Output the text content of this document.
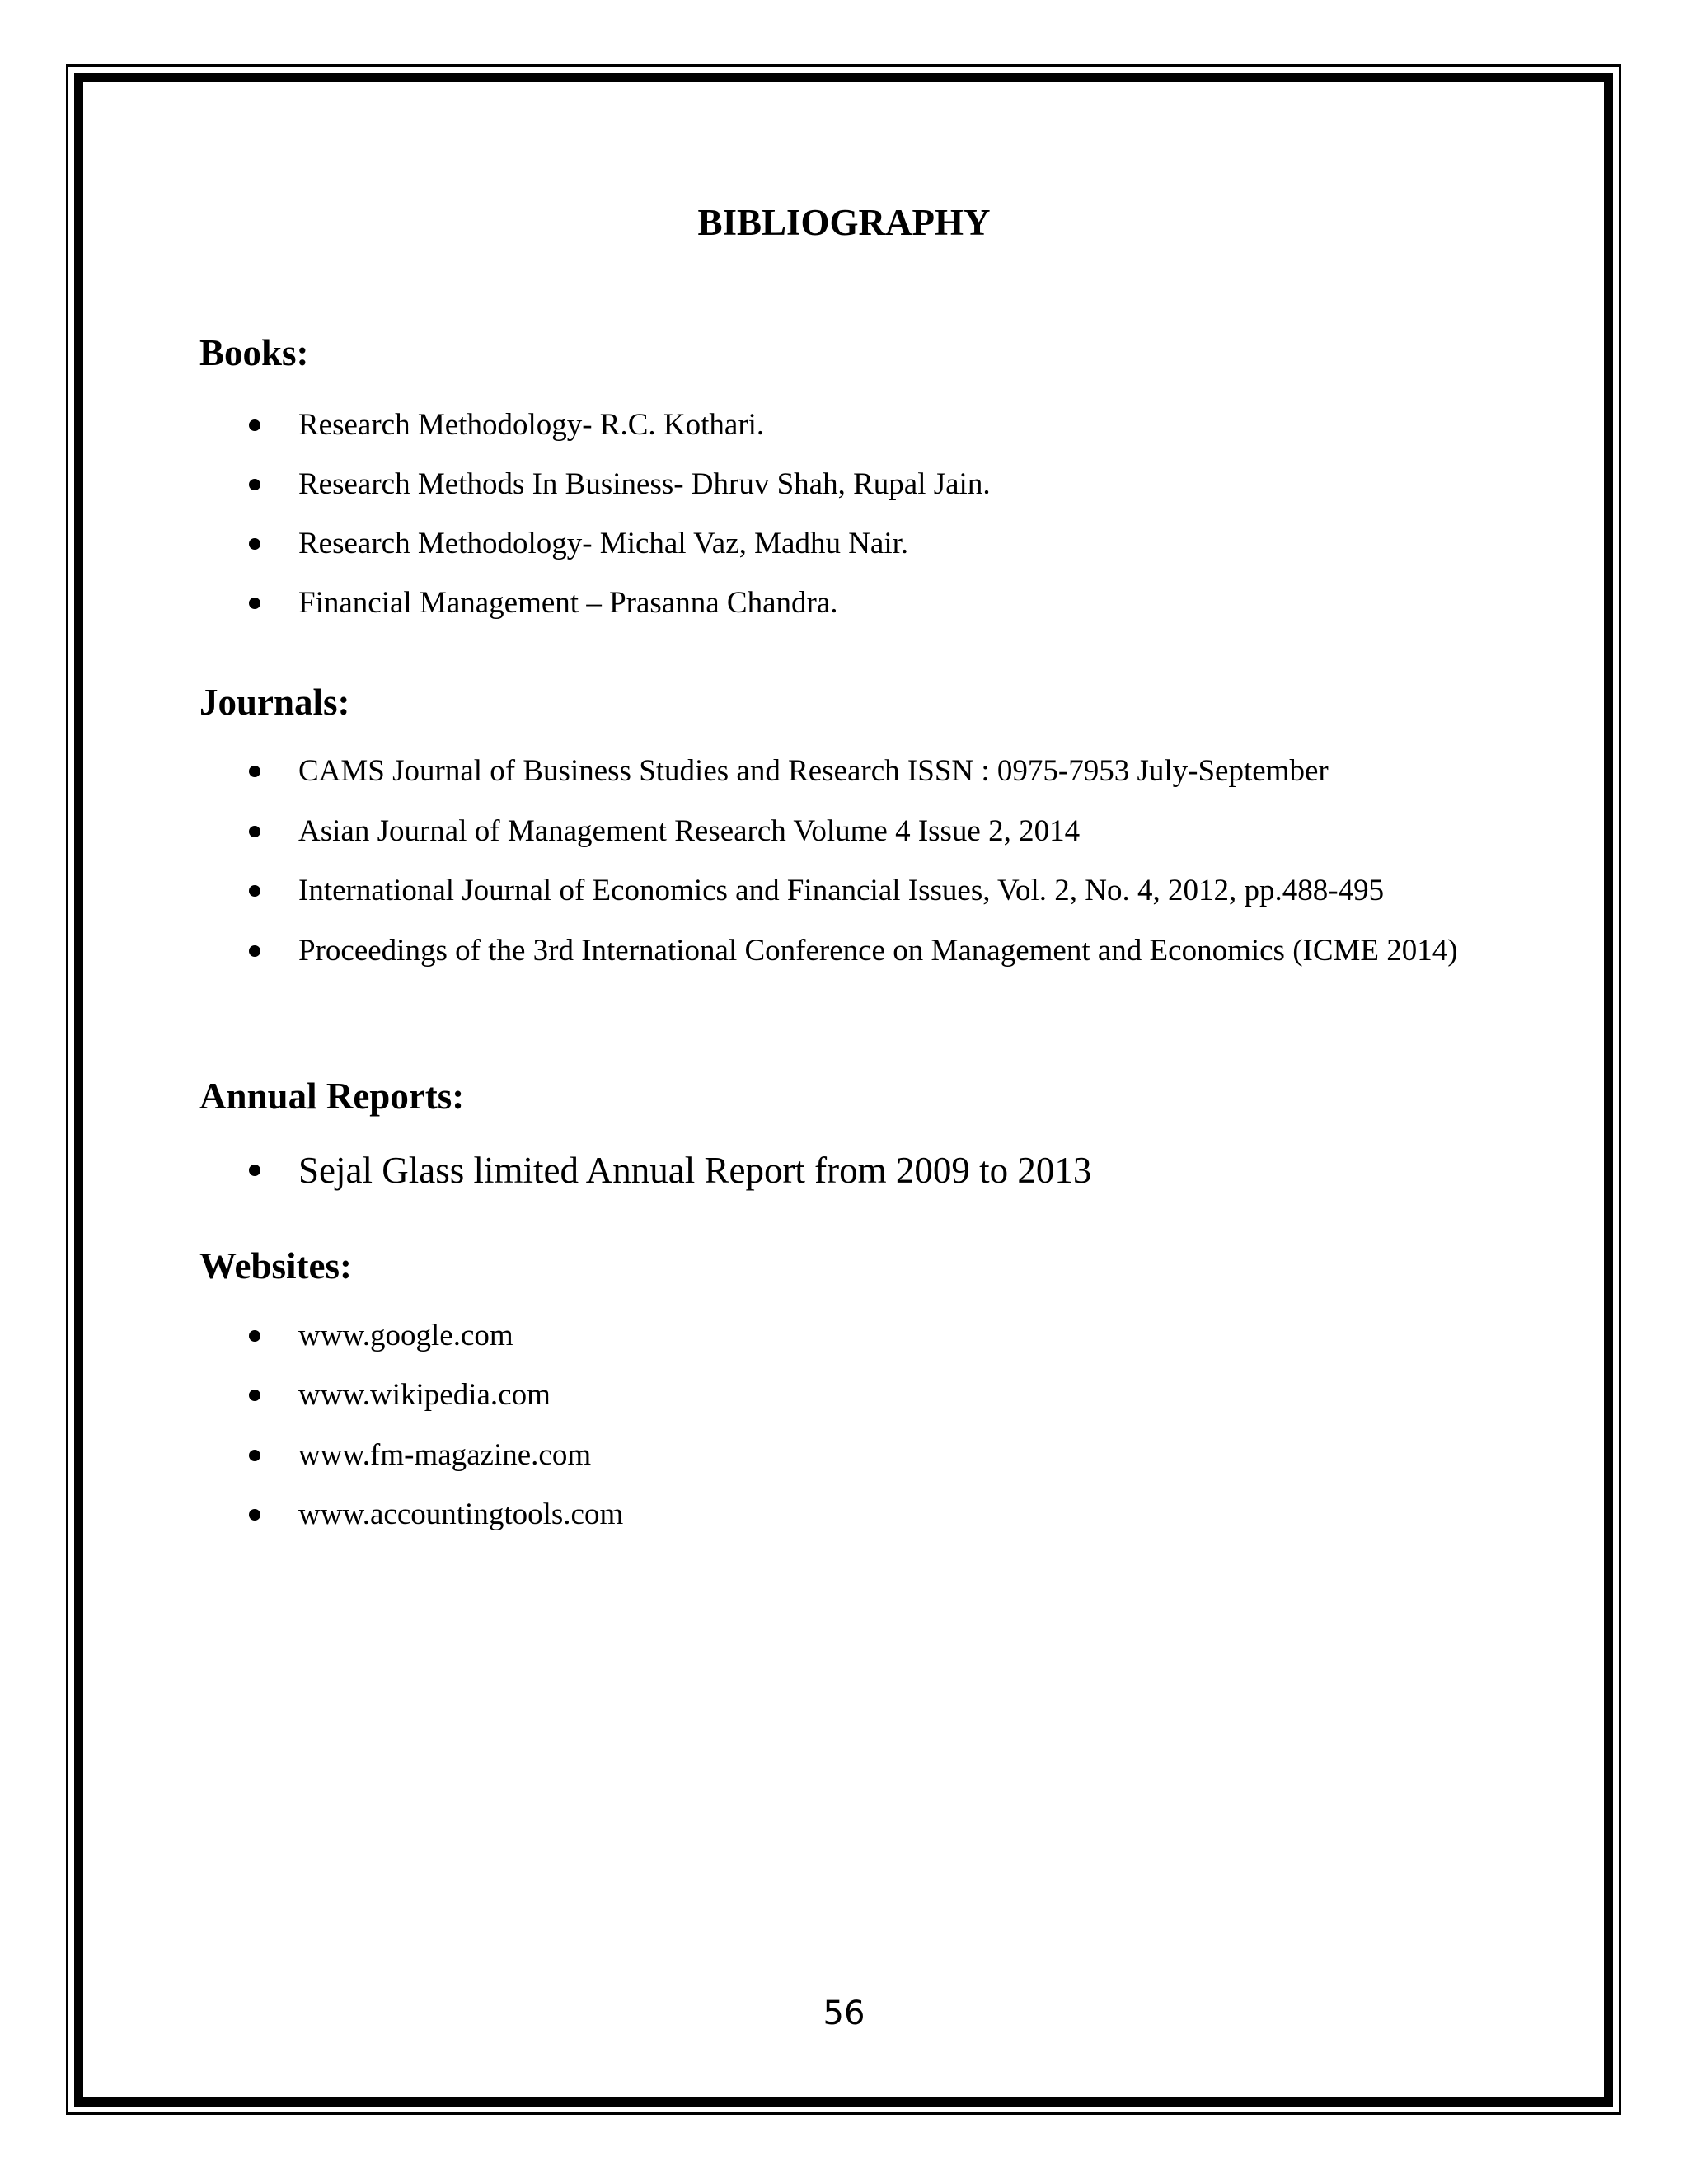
BIBLIOGRAPHY
Books:
Research Methodology- R.C. Kothari.
Research Methods In Business- Dhruv Shah, Rupal Jain.
Research Methodology- Michal Vaz, Madhu Nair.
Financial Management – Prasanna Chandra.
Journals:
CAMS Journal of Business Studies and Research ISSN : 0975-7953 July-September
Asian Journal of Management Research Volume 4 Issue 2, 2014
International Journal of Economics and Financial Issues, Vol. 2, No. 4, 2012, pp.488-495
Proceedings of the 3rd International Conference on Management and Economics (ICME 2014)
Annual Reports:
Sejal Glass limited Annual Report from 2009 to 2013
Websites:
www.google.com
www.wikipedia.com
www.fm-magazine.com
www.accountingtools.com
56
